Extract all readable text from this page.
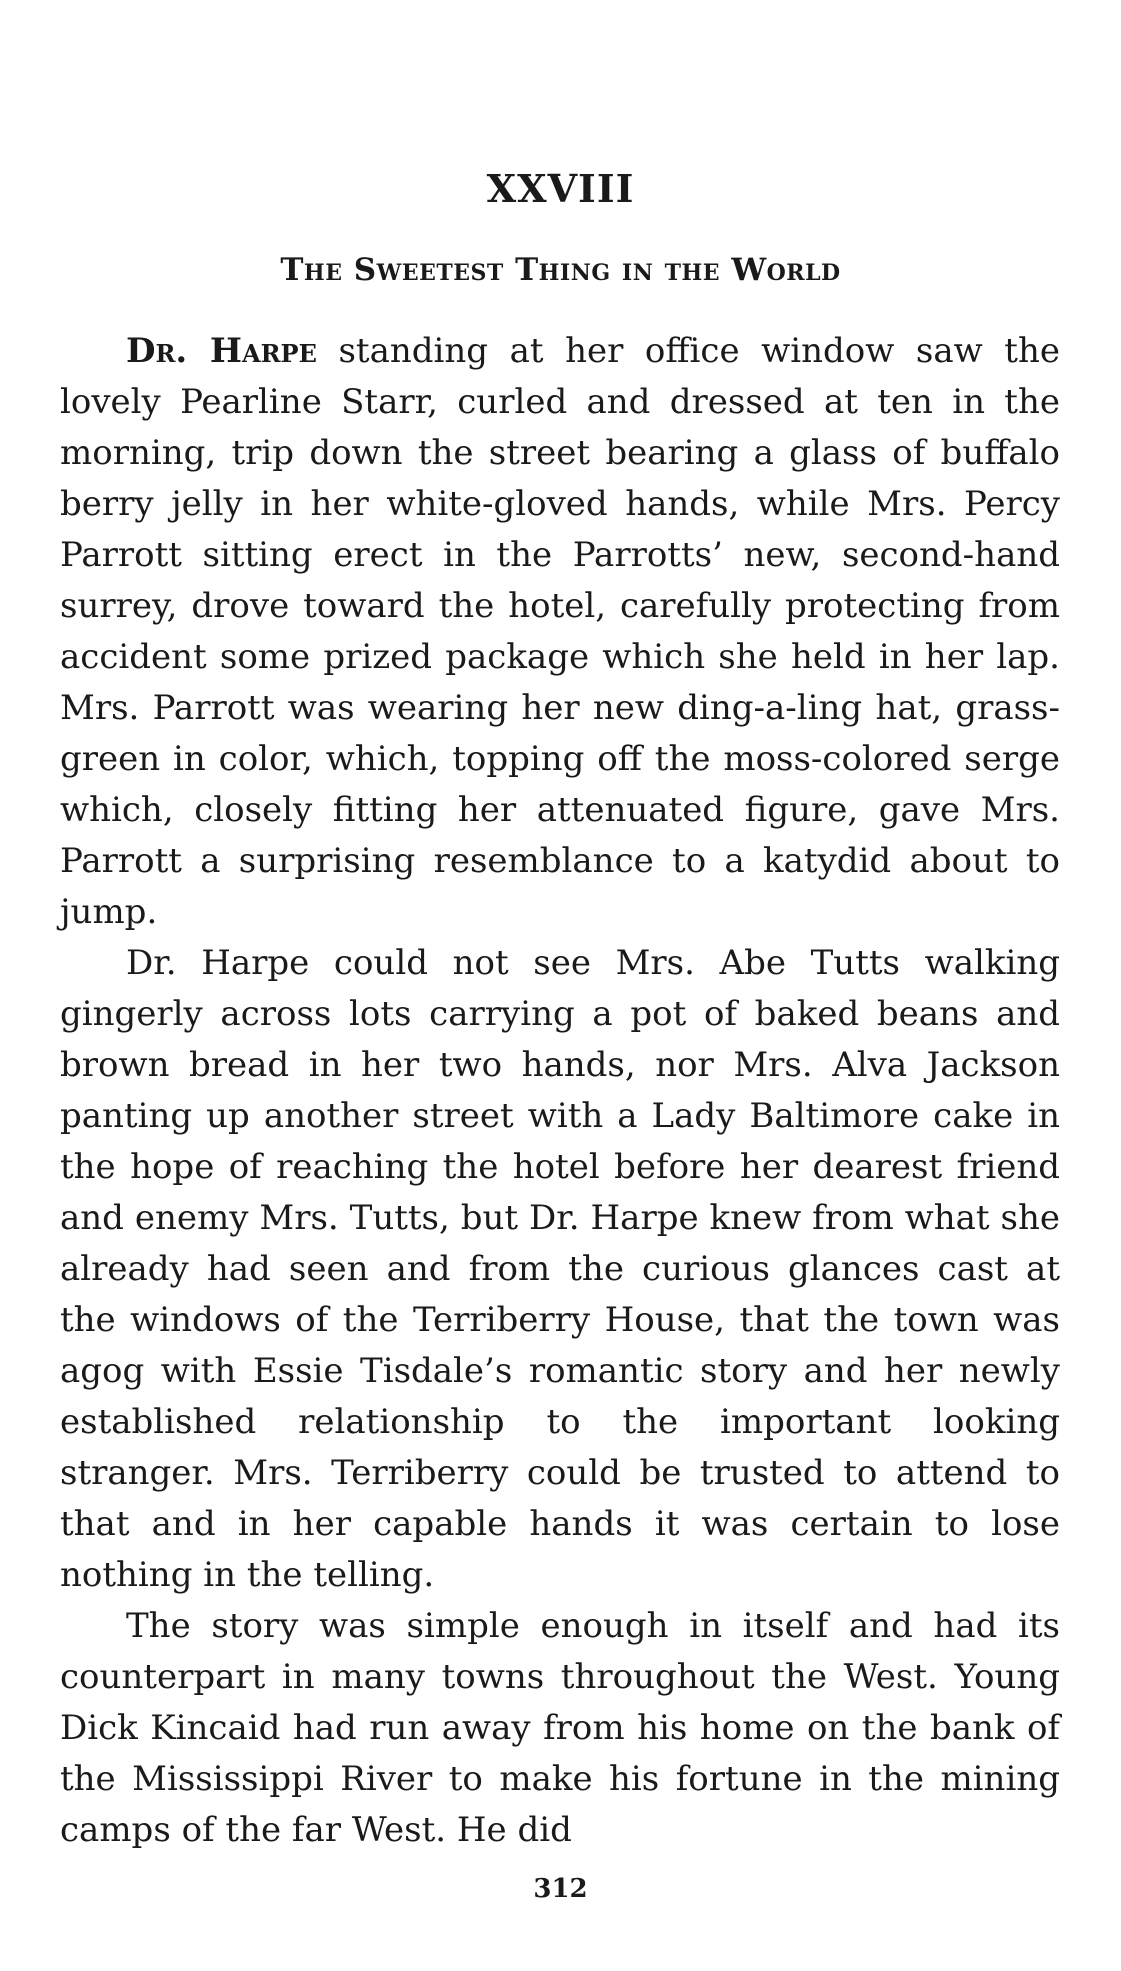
XXVIII
The Sweetest Thing in the World

Dr. Harpe standing at her office window saw the lovely Pearline Starr, curled and dressed at ten in the morning, trip down the street bearing a glass of buffalo berry jelly in her white-gloved hands, while Mrs. Percy Parrott sitting erect in the Parrotts’ new, second-hand surrey, drove toward the hotel, carefully protecting from accident some prized package which she held in her lap. Mrs. Parrott was wearing her new ding-a-ling hat, grass-green in color, which, topping off the moss-colored serge which, closely fitting her attenuated figure, gave Mrs. Parrott a surprising resemblance to a katydid about to jump.

Dr. Harpe could not see Mrs. Abe Tutts walking gingerly across lots carrying a pot of baked beans and brown bread in her two hands, nor Mrs. Alva Jackson panting up another street with a Lady Baltimore cake in the hope of reaching the hotel before her dearest friend and enemy Mrs. Tutts, but Dr. Harpe knew from what she already had seen and from the curious glances cast at the windows of the Terriberry House, that the town was agog with Essie Tisdale’s romantic story and her newly established relationship to the important looking stranger. Mrs. Terriberry could be trusted to attend to that and in her capable hands it was certain to lose nothing in the telling.

The story was simple enough in itself and had its counterpart in many towns throughout the West. Young Dick Kincaid had run away from his home on the bank of the Mississippi River to make his fortune in the mining camps of the far West. He did

312
